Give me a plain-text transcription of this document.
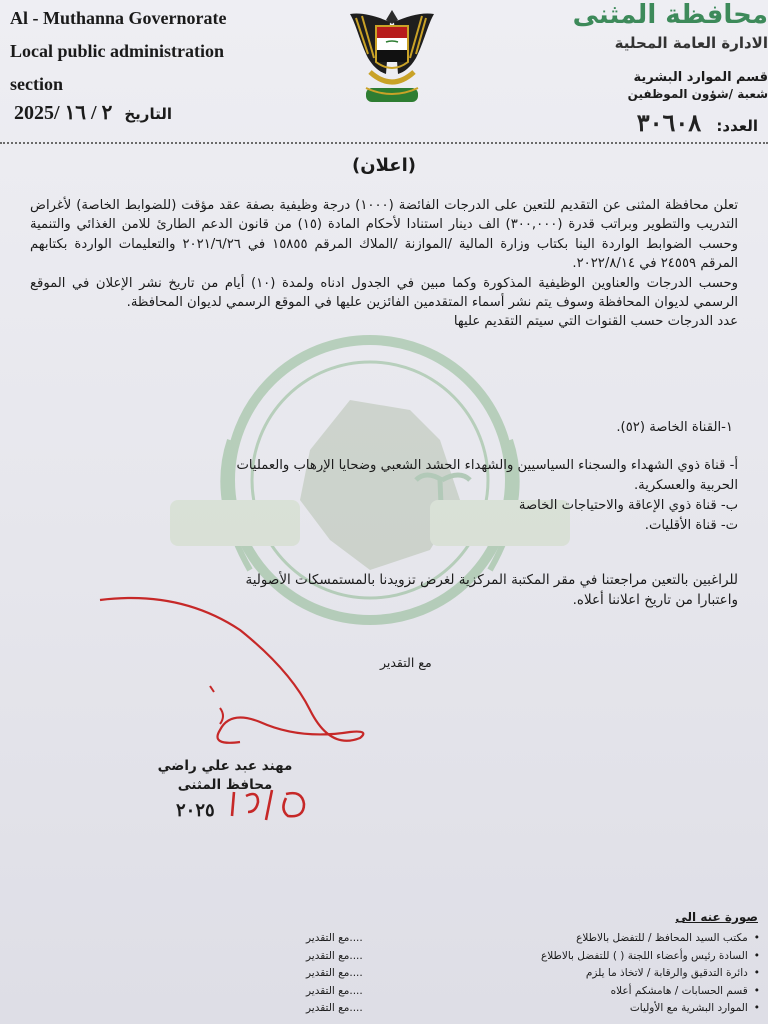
Al - Muthanna Governorate
Local public administration
section
محافظة المثنى
الادارة العامة المحلية
قسم الموارد البشرية
شعبة /شؤون الموظفين
العدد: ٣٠٦٠٨
2025/ ٢ / ١٦ التاريخ
(اعلان)

تعلن محافظة المثنى عن التقديم للتعين على الدرجات الفائضة (١٠٠٠) درجة وظيفية بصفة عقد مؤقت (للضوابط الخاصة) لأغراض التدريب والتطوير وبراتب قدرة (٣٠٠,٠٠٠) الف دينار استنادا لأحكام المادة (١٥) من قانون الدعم الطارئ للامن الغذائي والتنمية وحسب الضوابط الواردة الينا بكتاب وزارة المالية /الموازنة /الملاك المرقم ١٥٨٥٥ في ٢٠٢١/٦/٢٦ والتعليمات الواردة بكتابهم المرقم ٢٤٥٥٩ في ٢٠٢٢/٨/١٤.

وحسب الدرجات والعناوين الوظيفية المذكورة وكما مبين في الجدول ادناه ولمدة (١٠) أيام من تاريخ نشر الإعلان في الموقع الرسمي لديوان المحافظة وسوف يتم نشر أسماء المتقدمين الفائزين عليها في الموقع الرسمي لديوان المحافظة.

عدد الدرجات حسب القنوات التي سيتم التقديم عليها

١-القناة الخاصة (٥٢).
أ- قناة ذوي الشهداء والسجناء السياسيين والشهداء الحشد الشعبي وضحايا الإرهاب والعمليات
الحربية والعسكرية.
ب- قناة ذوي الإعاقة والاحتياجات الخاصة
ت- قناة الأقليات.
للراغبين بالتعين مراجعتنا في مقر المكتبة المركزية لغرض تزويدنا بالمستمسكات الأصولية
واعتبارا من تاريخ اعلاننا أعلاه.
مع التقدير
مهند عبد علي راضي
محافظ المثنى
٢٠٢٥
صورة عنه الى
•
مكتب السيد المحافظ / للتفضل بالاطلاع
....مع التقدير
•
السادة رئيس وأعضاء اللجنة ( ) للتفضل بالاطلاع
....مع التقدير
•
دائرة التدقيق والرقابة / لاتخاذ ما يلزم
....مع التقدير
•
قسم الحسابات / هامشكم أعلاه
....مع التقدير
•
الموارد البشرية مع الأوليات
....مع التقدير
